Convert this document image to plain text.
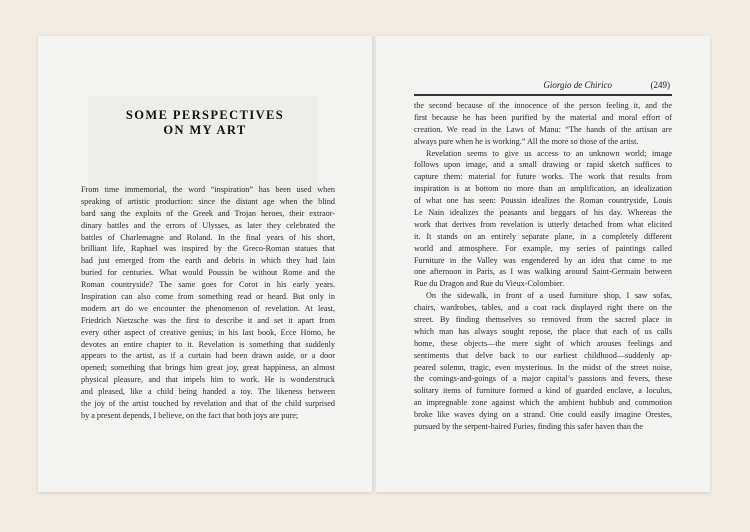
SOME PERSPECTIVES
ON MY ART
From time immemorial, the word “inspiration” has been used when
speaking of artistic production: since the distant age when the blind
bard sang the exploits of the Greek and Trojan heroes, their extraor-
dinary battles and the errors of Ulysses, as later they celebrated the
battles of Charlemagne and Roland. In the final years of his short,
brilliant life, Raphael was inspired by the Greco-Roman statues that
had just emerged from the earth and debris in which they had lain
buried for centuries. What would Poussin be without Rome and the
Roman countryside? The same goes for Corot in his early years.
Inspiration can also come from something read or heard. But only in
modern art do we encounter the phenomenon of revelation. At least,
Friedrich Nietzsche was the first to describe it and set it apart from
every other aspect of creative genius; in his last book, Ecce Homo, he
devotes an entire chapter to it. Revelation is something that suddenly
appears to the artist, as if a curtain had been drawn aside, or a door
opened; something that brings him great joy, great happiness, an almost
physical pleasure, and that impels him to work. He is wonderstruck
and pleased, like a child being handed a toy. The likeness between
the joy of the artist touched by revelation and that of the child surprised
by a present depends, I believe, on the fact that both joys are pure;
Giorgio de Chirico	(249)
the second because of the innocence of the person feeling it, and the
first because he has been purified by the material and moral effort of
creation. We read in the Laws of Manu: “The hands of the artisan are
always pure when he is working.” All the more so those of the artist.
Revelation seems to give us access to an unknown world; image
follows upon image, and a small drawing or rapid sketch suffices to
capture them: material for future works. The work that results from
inspiration is at bottom no more than an amplification, an idealization
of what one has seen: Poussin idealizes the Roman countryside, Louis
Le Nain idealizes the peasants and beggars of his day. Whereas the
work that derives from revelation is utterly detached from what elicited
it. It stands on an entirely separate plane, in a completely different
world and atmosphere. For example, my series of paintings called
Furniture in the Valley was engendered by an idea that came to me
one afternoon in Paris, as I was walking around Saint-Germain between
Rue du Dragon and Rue du Vieux-Colombier.
On the sidewalk, in front of a used furniture shop, I saw sofas,
chairs, wardrobes, tables, and a coat rack displayed right there on the
street. By finding themselves so removed from the sacred place in
which man has always sought repose, the place that each of us calls
home, these objects—the mere sight of which arouses feelings and
sentiments that delve back to our earliest childhood—suddenly ap-
peared solemn, tragic, even mysterious. In the midst of the street noise,
the comings-and-goings of a major capital’s passions and fevers, these
solitary items of furniture formed a kind of guarded enclave, a loculus,
an impregnable zone against which the ambient hubbub and commotion
broke like waves dying on a strand. One could easily imagine Orestes,
pursued by the serpent-haired Furies, finding this safer haven than the
